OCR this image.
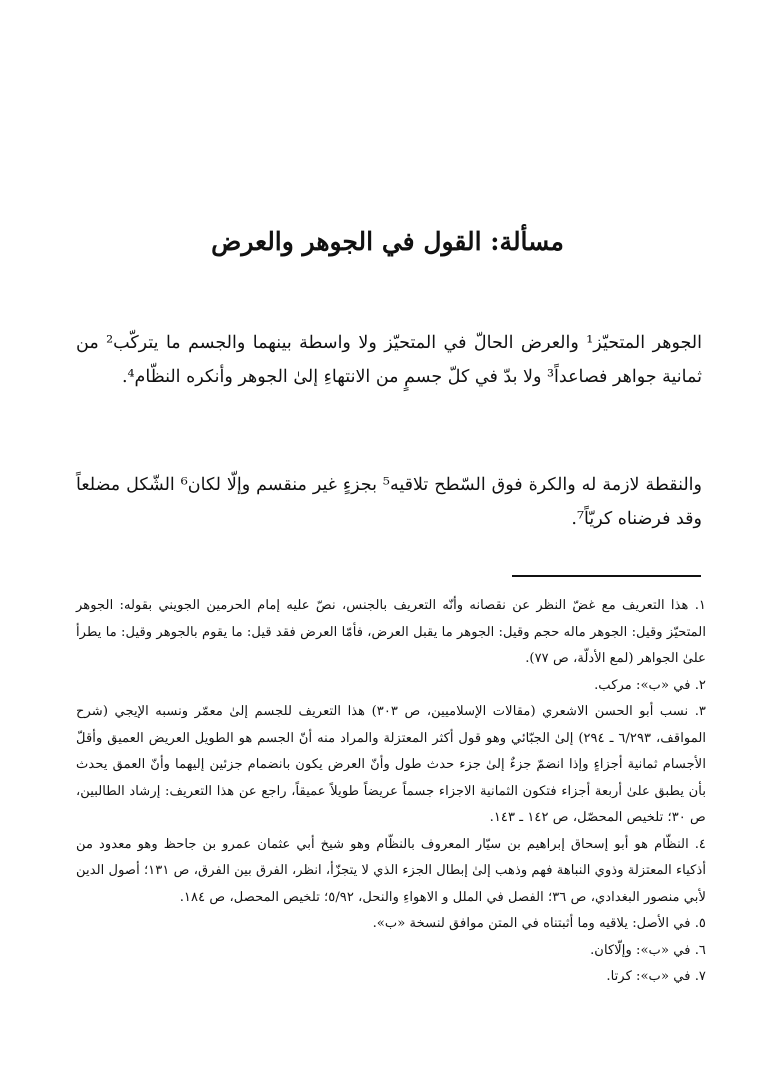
مسألة: القول في الجوهر والعرض

الجوهر المتحيّز¹ والعرض الحالّ في المتحيّز ولا واسطة بينهما والجسم ما يتركّب² من ثمانية جواهر فصاعداً³ ولا بدّ في كلّ جسمٍ من الانتهاءِ إلىٰ الجوهر وأنكره النظّام⁴.

والنقطة لازمة له والكرة فوق السّطح تلاقيه⁵ بجزءٍ غير منقسم وإلّا لكان⁶ الشّكل مضلعاً وقد فرضناه كريّاً⁷.

١. هذا التعريف مع غضّ النظر عن نقصانه وأنّه التعريف بالجنس، نصّ عليه إمام الحرمين الجويني بقوله: الجوهر المتحيّز وقيل: الجوهر ماله حجم وقيل: الجوهر ما يقبل العرض، فأمّا العرض فقد قيل: ما يقوم بالجوهر وقيل: ما يطرأ علىٰ الجواهر (لمع الأدلّة، ص ٧٧).

٢. في «ب»: مركب.

٣. نسب أبو الحسن الاشعري (مقالات الإسلاميين، ص ٣٠٣) هذا التعريف للجسم إلىٰ معمّر ونسبه الإيجي (شرح المواقف، ٦/٢٩٣ ـ ٢٩٤) إلىٰ الجبّائي وهو قول أكثر المعتزلة والمراد منه أنّ الجسم هو الطويل العريض العميق وأقلّ الأجسام ثمانية أجزاءٍ وإذا انضمّ جزءٌ إلىٰ جزء حدث طول وأنّ العرض يكون بانضمام جزئين إليهما وأنّ العمق يحدث بأن يطبق علىٰ أربعة أجزاء فتكون الثمانية الاجزاء جسماً عريضاً طويلاً عميقاً، راجع عن هذا التعريف: إرشاد الطالبين، ص ٣٠؛ تلخيص المحصّل، ص ١٤٢ ـ ١٤٣.

٤. النظّام هو أبو إسحاق إبراهيم بن سيّار المعروف بالنظّام وهو شيخ أبي عثمان عمرو بن جاحظ وهو معدود من أذكياء المعتزلة وذوي النباهة فهم وذهب إلىٰ إبطال الجزء الذي لا يتجزّأ، انظر، الفرق بين الفرق، ص ١٣١؛ أصول الدين لأبي منصور البغدادي، ص ٣٦؛ الفصل في الملل و الاهواءِ والنحل، ٥/٩٢؛ تلخيص المحصل، ص ١٨٤.

٥. في الأصل: يلاقيه وما أثبتناه في المتن موافق لنسخة «ب».

٦. في «ب»: وإلّاكان.

٧. في «ب»: كرتا.
